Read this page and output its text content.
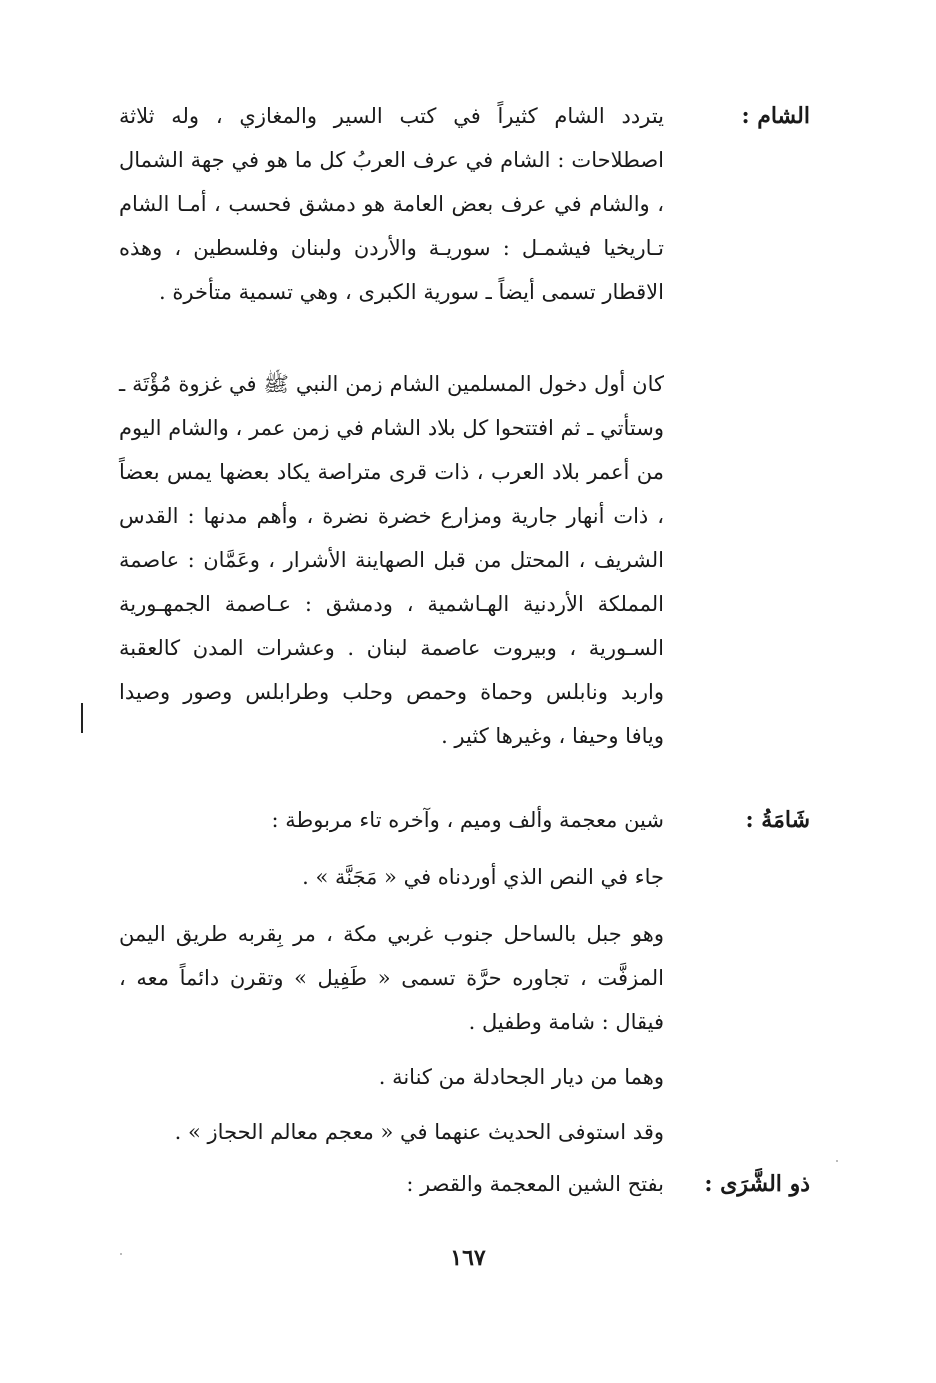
الشام :
يتردد الشام كثيراً في كتب السير والمغازي ، وله ثلاثة اصطلاحات : الشام في عرف العربُ كل ما هو في جهة الشمال ، والشام في عرف بعض العامة هو دمشق فحسب ، أمـا الشام تـاريخيا فيشمـل : سوريـة والأردن ولبنان وفلسطين ، وهذه الاقطار تسمى أيضاً ـ سورية الكبرى ، وهي تسمية متأخرة .
كان أول دخول المسلمين الشام زمن النبي ﷺ في غزوة مُؤْتَة ـ وستأتي ـ ثم افتتحوا كل بلاد الشام في زمن عمر ، والشام اليوم من أعمر بلاد العرب ، ذات قرى متراصة يكاد بعضها يمس بعضاً ، ذات أنهار جارية ومزارع خضرة نضرة ، وأهم مدنها : القدس الشريف ، المحتل من قبل الصهاينة الأشرار ، وعَمَّان : عاصمة المملكة الأردنية الهـاشمية ، ودمشق : عـاصمة الجمهـورية السـورية ، وبيروت عاصمة لبنان . وعشرات المدن كالعقبة واربد ونابلس وحماة وحمص وحلب وطرابلس وصور وصيدا ويافا وحيفا ، وغيرها كثير .
شَامَةُ :
شين معجمة وألف وميم ، وآخره تاء مربوطة :
جاء في النص الذي أوردناه في « مَجَنَّة » .
وهو جبل بالساحل جنوب غربي مكة ، مر بِقربه طريق اليمن المزفَّت ، تجاوره حرَّة تسمى « طَفِيل » وتقرن دائماً معه ، فيقال : شامة وطفيل .
وهما من ديار الجحادلة من كنانة .
وقد استوفى الحديث عنهما في « معجم معالم الحجاز » .
ذو الشَّرَى :
بفتح الشين المعجمة والقصر :
١٦٧
